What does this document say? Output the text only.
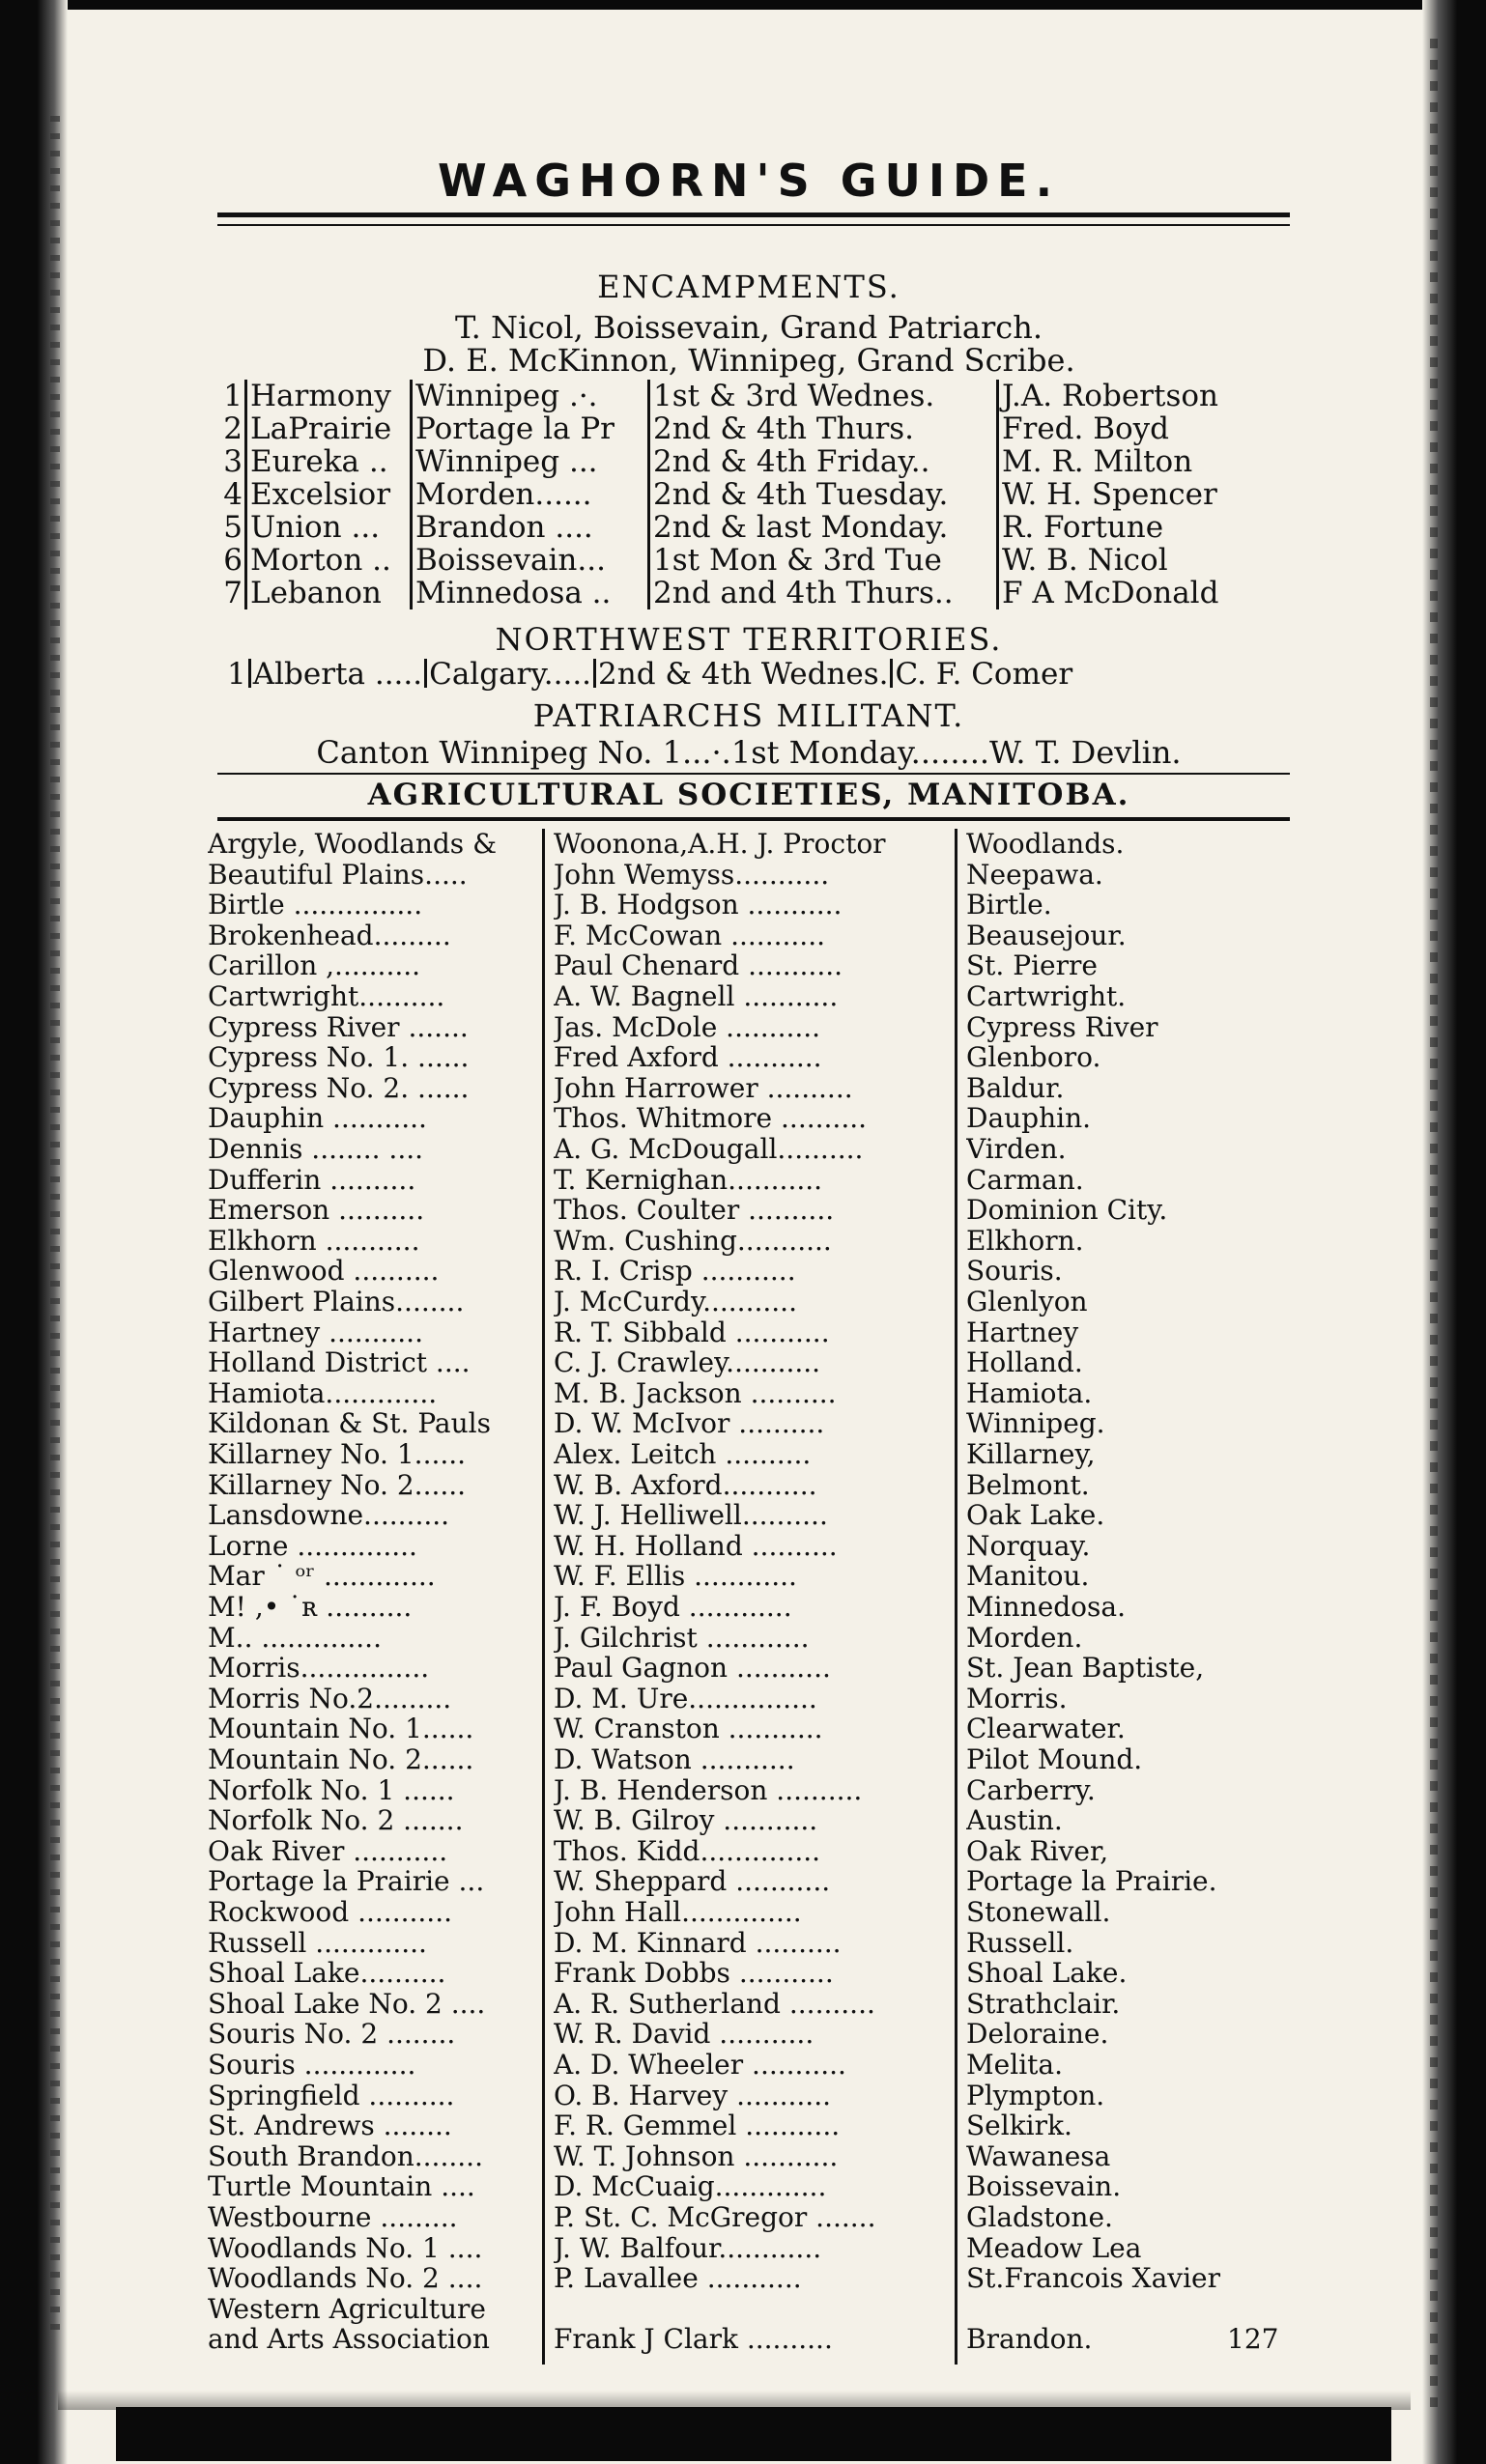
WAGHORN'S GUIDE.
ENCAMPMENTS.
T. Nicol, Boissevain, Grand Patriarch.
D. E. McKinnon, Winnipeg, Grand Scribe.
1	Harmony	Winnipeg .·.	1st & 3rd Wednes.	J.A. Robertson
2	LaPrairie	Portage la Pr	2nd & 4th Thurs.	Fred. Boyd
3	Eureka ..	Winnipeg ...	2nd & 4th Friday..	M. R. Milton
4	Excelsior	Morden......	2nd & 4th Tuesday.	W. H. Spencer
5	Union ...	Brandon ....	2nd & last Monday.	R. Fortune
6	Morton ..	Boissevain...	1st Mon & 3rd Tue	W. B. Nicol
7	Lebanon	Minnedosa ..	2nd and 4th Thurs..	F A McDonald
NORTHWEST TERRITORIES.
1 Alberta ..... Calgary..... 2nd & 4th Wednes. C. F. Comer
PATRIARCHS MILITANT.
Canton Winnipeg No. 1...·.1st Monday........W. T. Devlin.
AGRICULTURAL SOCIETIES, MANITOBA.
Argyle, Woodlands &	Woonona,A.H. J. Proctor	Woodlands.
Beautiful Plains.....	John Wemyss...........	Neepawa.
Birtle ...............	J. B. Hodgson ...........	Birtle.
Brokenhead.........	F. McCowan ...........	Beausejour.
Carillon ,..........	Paul Chenard ...........	St. Pierre
Cartwright..........	A. W. Bagnell ...........	Cartwright.
Cypress River .......	Jas. McDole ...........	Cypress River
Cypress No. 1. ......	Fred Axford ...........	Glenboro.
Cypress No. 2. ......	John Harrower ..........	Baldur.
Dauphin ...........	Thos. Whitmore ..........	Dauphin.
Dennis ........ ....	A. G. McDougall..........	Virden.
Dufferin ..........	T. Kernighan...........	Carman.
Emerson ..........	Thos. Coulter ..........	Dominion City.
Elkhorn ...........	Wm. Cushing...........	Elkhorn.
Glenwood ..........	R. I. Crisp ...........	Souris.
Gilbert Plains........	J. McCurdy...........	Glenlyon
Hartney ...........	R. T. Sibbald ...........	Hartney
Holland District ....	C. J. Crawley...........	Holland.
Hamiota.............	M. B. Jackson ..........	Hamiota.
Kildonan & St. Pauls	D. W. McIvor ..........	Winnipeg.
Killarney No. 1......	Alex. Leitch ..........	Killarney,
Killarney No. 2......	W. B. Axford...........	Belmont.
Lansdowne..........	W. J. Helliwell..........	Oak Lake.
Lorne ..............	W. H. Holland ..........	Norquay.
Mar ˙ ᵒʳ .............	W. F. Ellis ............	Manitou.
M! ,• ˙ʀ ..........	J. F. Boyd ............	Minnedosa.
M.. ..............	J. Gilchrist ............	Morden.
Morris...............	Paul Gagnon ...........	St. Jean Baptiste,
Morris No.2.........	D. M. Ure...............	Morris.
Mountain No. 1......	W. Cranston ...........	Clearwater.
Mountain No. 2......	D. Watson ...........	Pilot Mound.
Norfolk No. 1 ......	J. B. Henderson ..........	Carberry.
Norfolk No. 2 .......	W. B. Gilroy ...........	Austin.
Oak River ...........	Thos. Kidd..............	Oak River,
Portage la Prairie ...	W. Sheppard ...........	Portage la Prairie.
Rockwood ...........	John Hall..............	Stonewall.
Russell .............	D. M. Kinnard ..........	Russell.
Shoal Lake..........	Frank Dobbs ...........	Shoal Lake.
Shoal Lake No. 2 ....	A. R. Sutherland ..........	Strathclair.
Souris No. 2 ........	W. R. David ...........	Deloraine.
Souris .............	A. D. Wheeler ...........	Melita.
Springfield ..........	O. B. Harvey ...........	Plympton.
St. Andrews ........	F. R. Gemmel ...........	Selkirk.
South Brandon........	W. T. Johnson ...........	Wawanesa
Turtle Mountain ....	D. McCuaig.............	Boissevain.
Westbourne .........	P. St. C. McGregor .......	Gladstone.
Woodlands No. 1 ....	J. W. Balfour............	Meadow Lea
Woodlands No. 2 ....	P. Lavallee ...........	St.Francois Xavier
Western Agriculture
and Arts Association	Frank J Clark ..........	Brandon.	127
